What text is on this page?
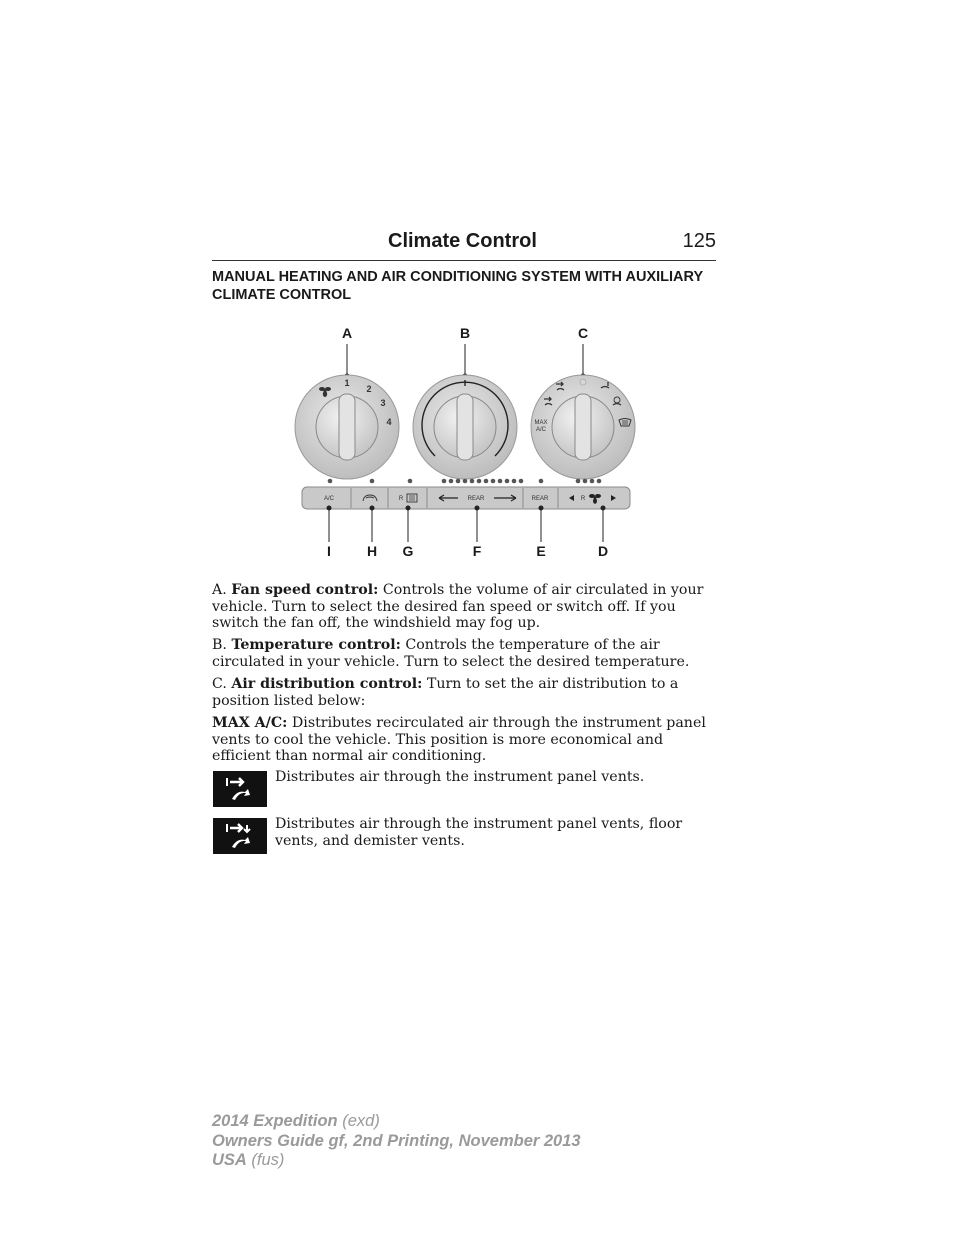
Climate Control	125
MANUAL HEATING AND AIR CONDITIONING SYSTEM WITH AUXILIARY CLIMATE CONTROL
A	B	C
1
2
3
4	MAX
A/C
A/C	R	REAR	REAR	R
I	H G	F	E	D
A. Fan speed control: Controls the volume of air circulated in your vehicle. Turn to select the desired fan speed or switch off. If you switch the fan off, the windshield may fog up.
B. Temperature control: Controls the temperature of the air circulated in your vehicle. Turn to select the desired temperature.
C. Air distribution control: Turn to set the air distribution to a position listed below:
MAX A/C: Distributes recirculated air through the instrument panel vents to cool the vehicle. This position is more economical and efficient than normal air conditioning.
Distributes air through the instrument panel vents.
Distributes air through the instrument panel vents, floor vents, and demister vents.
2014 Expedition (exd)
Owners Guide gf, 2nd Printing, November 2013
USA (fus)
